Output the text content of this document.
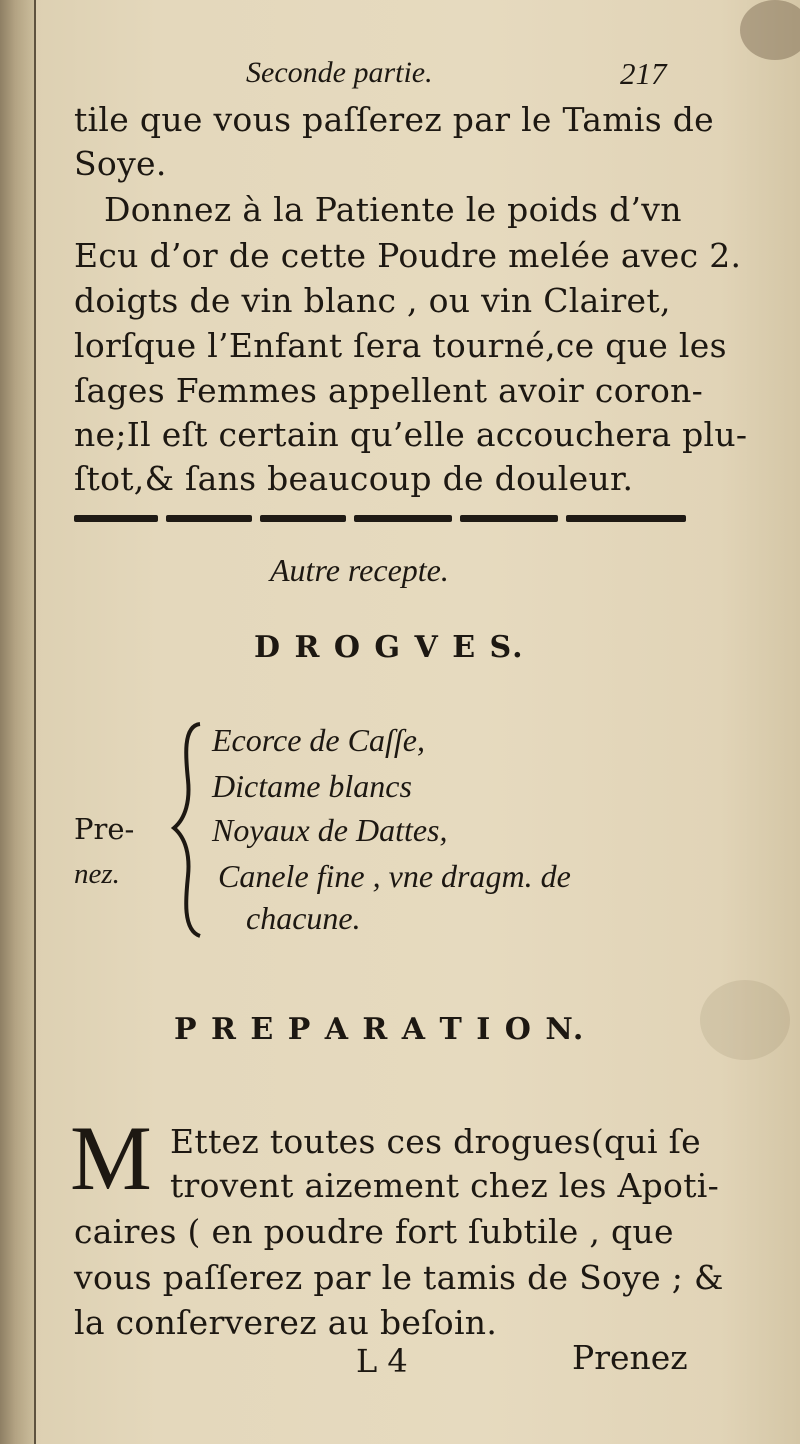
Seconde partie.	217
tile que vous paſſerez par le Tamis de
Soye.
Donnez à la Patiente le poids d’vn
Ecu d’or de cette Poudre melée avec 2.
doigts de vin blanc , ou vin Clairet,
lorſque l’Enfant ſera tourné,ce que les
ſages Femmes appellent avoir coron-
ne;Il eſt certain qu’elle accouchera plu-
ſtot,& ſans beaucoup de douleur.
Autre recepte.
D R O G V E S.
Pre-
nez.
Ecorce de Caſſe,
Dictame blancs
Noyaux de Dattes,
Canele fine , vne dragm. de
chacune.
P R E P A R A T I O N.
M Ettez toutes ces drogues(qui ſe
trovent aizement chez les Apoti-
caires ( en poudre fort ſubtile , que
vous paſſerez par le tamis de Soye ; &
la conſerverez au beſoin.
L 4	Prenez
